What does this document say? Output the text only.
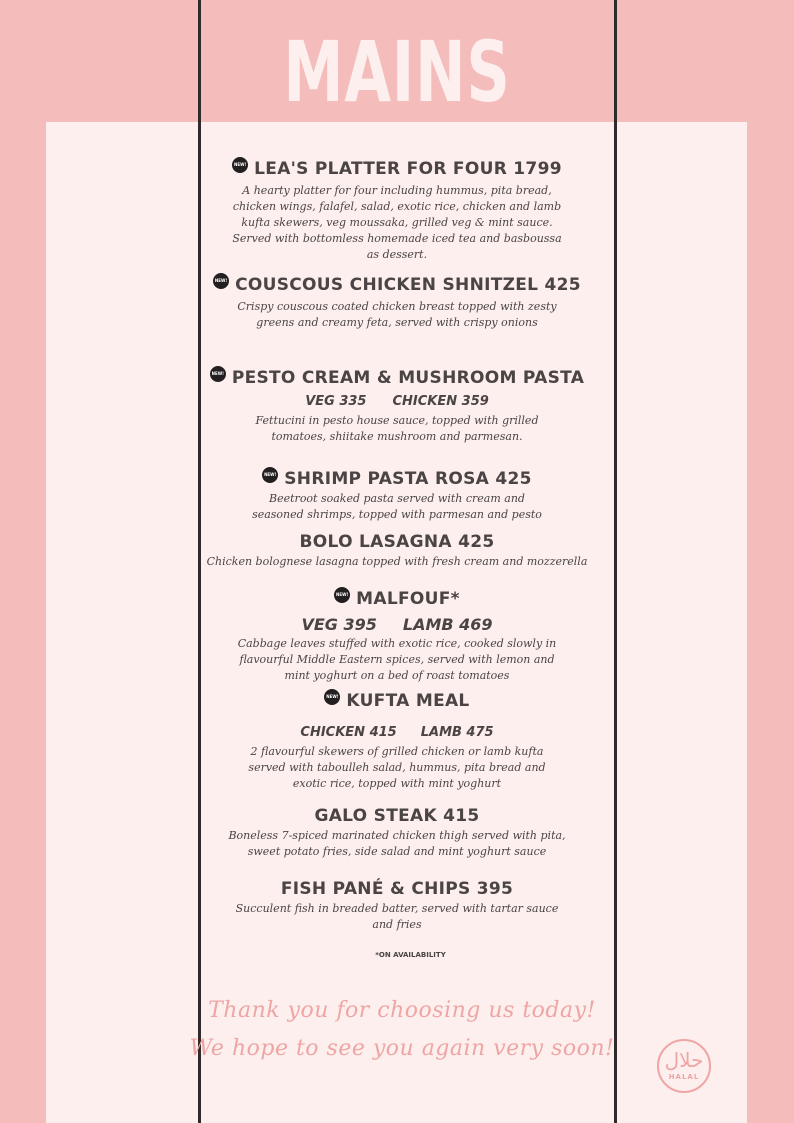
MAINS
NEW! LEA'S PLATTER FOR FOUR 1799
A hearty platter for four including hummus, pita bread, chicken wings, falafel, salad, exotic rice, chicken and lamb kufta skewers, veg moussaka, grilled veg & mint sauce. Served with bottomless homemade iced tea and basboussa as dessert.
NEW! COUSCOUS CHICKEN SHNITZEL 425
Crispy couscous coated chicken breast topped with zesty greens and creamy feta, served with crispy onions
NEW! PESTO CREAM & MUSHROOM PASTA
VEG 335 CHICKEN 359
Fettucini in pesto house sauce, topped with grilled tomatoes, shiitake mushroom and parmesan.
NEW! SHRIMP PASTA ROSA 425
Beetroot soaked pasta served with cream and seasoned shrimps, topped with parmesan and pesto
BOLO LASAGNA 425
Chicken bolognese lasagna topped with fresh cream and mozzerella
NEW! MALFOUF*
VEG 395 LAMB 469
Cabbage leaves stuffed with exotic rice, cooked slowly in flavourful Middle Eastern spices, served with lemon and mint yoghurt on a bed of roast tomatoes
NEW! KUFTA MEAL
CHICKEN 415 LAMB 475
2 flavourful skewers of grilled chicken or lamb kufta served with taboulleh salad, hummus, pita bread and exotic rice, topped with mint yoghurt
GALO STEAK 415
Boneless 7-spiced marinated chicken thigh served with pita, sweet potato fries, side salad and mint yoghurt sauce
FISH PANÉ & CHIPS 395
Succulent fish in breaded batter, served with tartar sauce and fries
*ON AVAILABILITY
Thank you for choosing us today!
We hope to see you again very soon!	حلال
HALAL
